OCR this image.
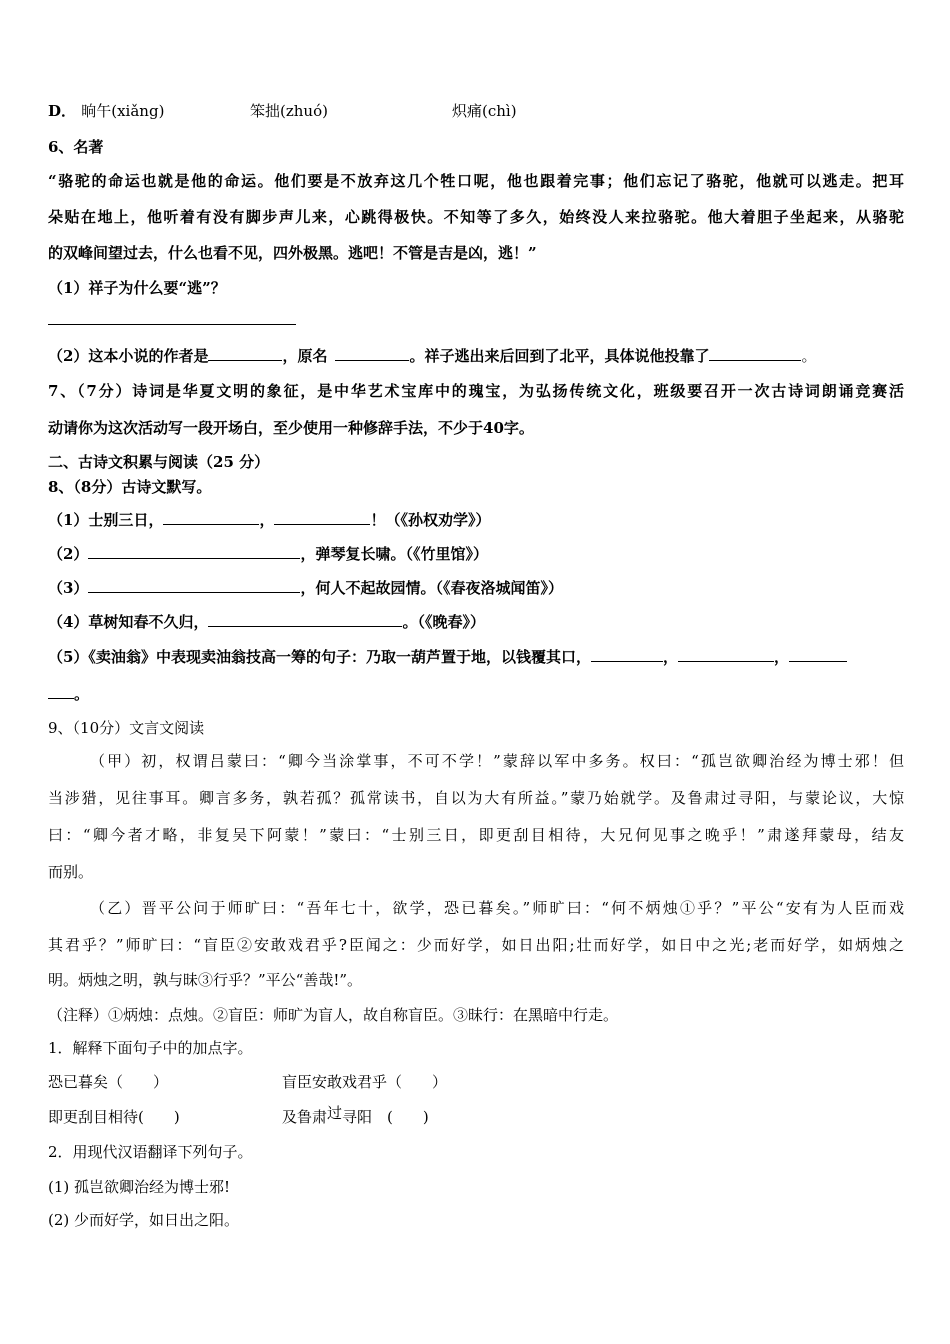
D． 晌午(xiǎng)	笨拙(zhuó)	炽痛(chì)
6、名著
“骆驼的命运也就是他的命运。他们要是不放弃这几个牲口呢，他也跟着完事；他们忘记了骆驼，他就可以逃走。把耳
朵贴在地上，他听着有没有脚步声儿来，心跳得极快。不知等了多久，始终没人来拉骆驼。他大着胆子坐起来，从骆驼
的双峰间望过去，什么也看不见，四外极黑。逃吧！不管是吉是凶，逃！”
（1）祥子为什么要“逃”？
（2）这本小说的作者是	，原名	。祥子逃出来后回到了北平，具体说他投靠了	。
7、（7分）诗词是华夏文明的象征，是中华艺术宝库中的瑰宝，为弘扬传统文化，班级要召开一次古诗词朗诵竞赛活
动请你为这次活动写一段开场白，至少使用一种修辞手法，不少于40字。
二、古诗文积累与阅读（25 分）
8、（8分）古诗文默写。
（1）士别三日，	，	！（《孙权劝学》）
（2）	，弹琴复长啸。（《竹里馆》）
（3）	，何人不起故园情。（《春夜洛城闻笛》）
（4）草树知春不久归，	。（《晚春》）
（5）《卖油翁》中表现卖油翁技高一筹的句子：乃取一葫芦置于地，以钱覆其口，	，	，
。
9、（10分）文言文阅读
（甲）初，权谓吕蒙曰：“卿今当涂掌事，不可不学！”蒙辞以军中多务。权曰：“孤岂欲卿治经为博士邪！但
当涉猎，见往事耳。卿言多务，孰若孤？孤常读书，自以为大有所益。”蒙乃始就学。及鲁肃过寻阳，与蒙论议，大惊
曰：“卿今者才略，非复吴下阿蒙！”蒙曰：“士别三日，即更刮目相待，大兄何见事之晚乎！”肃遂拜蒙母，结友
而别。
（乙）晋平公问于师旷曰：“吾年七十，欲学，恐已暮矣。”师旷曰：“何不炳烛①乎？”平公“安有为人臣而戏
其君乎？”师旷曰：“盲臣②安敢戏君乎?臣闻之：少而好学，如日出阳;壮而好学，如日中之光;老而好学，如炳烛之
明。炳烛之明，孰与昧③行乎？”平公“善哉!”。
（注释）①炳烛：点烛。②盲臣：师旷为盲人，故自称盲臣。③昧行：在黑暗中行走。
1．解释下面句子中的加点字。
恐已暮矣（　　）	盲臣安敢戏君乎（　　）
即更刮目相待(　　)	及鲁肃过寻阳　(　　)
2．用现代汉语翻译下列句子。
(1) 孤岂欲卿治经为博士邪!
(2) 少而好学，如日出之阳。
